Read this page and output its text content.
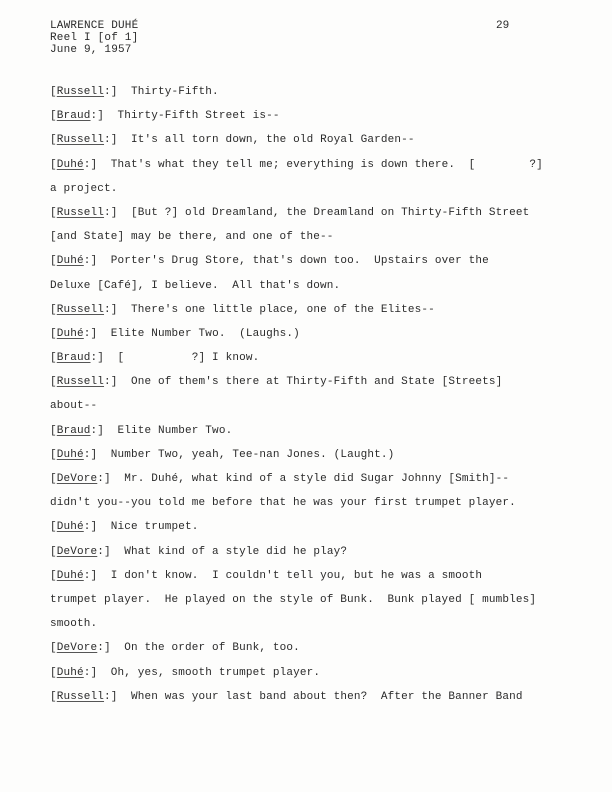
LAWRENCE DUHÉ
Reel I [of 1]
June 9, 1957
29
[Russell:]  Thirty-Fifth.
[Braud:]  Thirty-Fifth Street is--
[Russell:]  It's all torn down, the old Royal Garden--
[Duhé:]  That's what they tell me; everything is down there.  [        ?]
a project.
[Russell:]  [But ?] old Dreamland, the Dreamland on Thirty-Fifth Street
[and State] may be there, and one of the--
[Duhé:]  Porter's Drug Store, that's down too.  Upstairs over the
Deluxe [Café], I believe.  All that's down.
[Russell:]  There's one little place, one of the Elites--
[Duhé:]  Elite Number Two.  (Laughs.)
[Braud:]  [          ?] I know.
[Russell:]  One of them's there at Thirty-Fifth and State [Streets]
about--
[Braud:]  Elite Number Two.
[Duhé:]  Number Two, yeah, Tee-nan Jones. (Laught.)
[DeVore:]  Mr. Duhé, what kind of a style did Sugar Johnny [Smith]--
didn't you--you told me before that he was your first trumpet player.
[Duhé:]  Nice trumpet.
[DeVore:]  What kind of a style did he play?
[Duhé:]  I don't know.  I couldn't tell you, but he was a smooth
trumpet player.  He played on the style of Bunk.  Bunk played [ mumbles]
smooth.
[DeVore:]  On the order of Bunk, too.
[Duhé:]  Oh, yes, smooth trumpet player.
[Russell:]  When was your last band about then?  After the Banner Band
